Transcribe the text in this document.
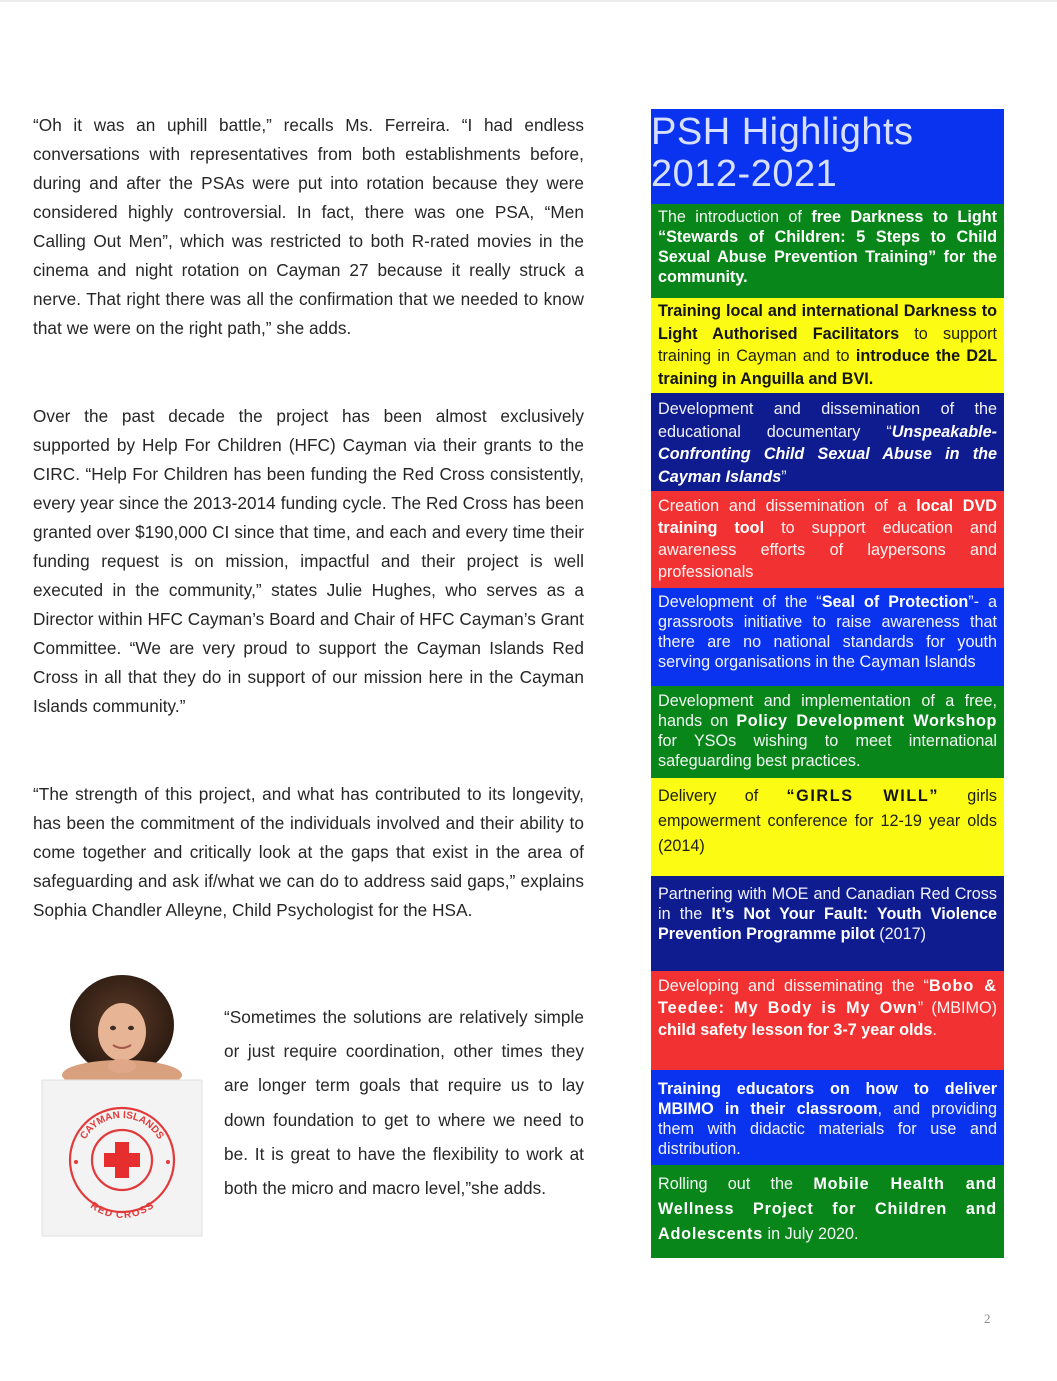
“Oh it was an uphill battle,” recalls Ms. Ferreira. “I had endless conversations with representatives from both establishments before, during and after the PSAs were put into rotation because they were considered highly controversial. In fact, there was one PSA, “Men Calling Out Men”, which was restricted to both R-rated movies in the cinema and night rotation on Cayman 27 because it really struck a nerve. That right there was all the confirmation that we needed to know that we were on the right path,” she adds.

Over the past decade the project has been almost exclusively supported by Help For Children (HFC) Cayman via their grants to the CIRC. “Help For Children has been funding the Red Cross consistently, every year since the 2013-2014 funding cycle. The Red Cross has been granted over $190,000 CI since that time, and each and every time their funding request is on mission, impactful and their project is well executed in the community,” states Julie Hughes, who serves as a Director within HFC Cayman’s Board and Chair of HFC Cayman’s Grant Committee. “We are very proud to support the Cayman Islands Red Cross in all that they do in support of our mission here in the Cayman Islands community.”

“The strength of this project, and what has contributed to its longevity, has been the commitment of the individuals involved and their ability to come together and critically look at the gaps that exist in the area of safeguarding and ask if/what we can do to address said gaps,” explains Sophia Chandler Alleyne, Child Psychologist for the HSA.

“Sometimes the solutions are relatively simple or just require coordination, other times they are longer term goals that require us to lay down foundation to get to where we need to be. It is great to have the flexibility to work at both the micro and macro level,”she adds.

CAYMAN ISLANDS
RED CROSS
PSH Highlights
2012-2021
The introduction of free Darkness to Light “Stewards of Children: 5 Steps to Child Sexual Abuse Prevention Training” for the community.
Training local and international Darkness to Light Authorised Facilitators to support training in Cayman and to introduce the D2L training in Anguilla and BVI.
Development and dissemination of the educational documentary “Unspeakable-Confronting Child Sexual Abuse in the Cayman Islands”
Creation and dissemination of a local DVD training tool to support education and awareness efforts of laypersons and professionals
Development of the “Seal of Protection”- a grassroots initiative to raise awareness that there are no national standards for youth serving organisations in the Cayman Islands
Development and implementation of a free, hands on Policy Development Workshop for YSOs wishing to meet international safeguarding best practices.
Delivery of “GIRLS WILL” girls empowerment conference for 12-19 year olds (2014)
Partnering with MOE and Canadian Red Cross in the It’s Not Your Fault: Youth Violence Prevention Programme pilot (2017)
Developing and disseminating the “Bobo & Teedee: My Body is My Own” (MBIMO) child safety lesson for 3-7 year olds.
Training educators on how to deliver MBIMO in their classroom, and providing them with didactic materials for use and distribution.
Rolling out the Mobile Health and Wellness Project for Children and Adolescents in July 2020.
2
